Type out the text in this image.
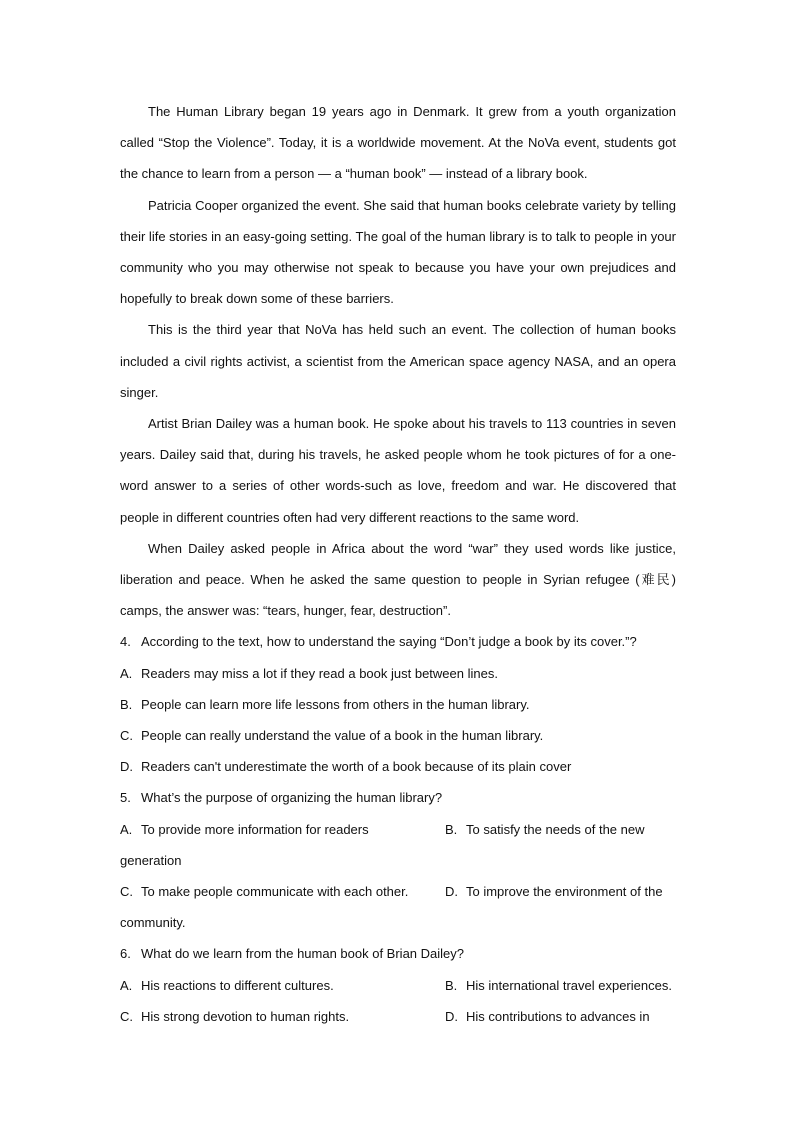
The Human Library began 19 years ago in Denmark. It grew from a youth organization called “Stop the Violence”. Today, it is a worldwide movement. At the NoVa event, students got the chance to learn from a person — a “human book” — instead of a library book.

Patricia Cooper organized the event. She said that human books celebrate variety by telling their life stories in an easy-going setting. The goal of the human library is to talk to people in your community who you may otherwise not speak to because you have your own prejudices and hopefully to break down some of these barriers.

This is the third year that NoVa has held such an event. The collection of human books included a civil rights activist, a scientist from the American space agency NASA, and an opera singer.

Artist Brian Dailey was a human book. He spoke about his travels to 113 countries in seven years. Dailey said that, during his travels, he asked people whom he took pictures of for a one-word answer to a series of other words-such as love, freedom and war. He discovered that people in different countries often had very different reactions to the same word.

When Dailey asked people in Africa about the word “war” they used words like justice, liberation and peace. When he asked the same question to people in Syrian refugee (难民) camps, the answer was: “tears, hunger, fear, destruction”.

4. According to the text, how to understand the saying “Don’t judge a book by its cover.”?

A. Readers may miss a lot if they read a book just between lines.

B. People can learn more life lessons from others in the human library.

C. People can really understand the value of a book in the human library.

D. Readers can't underestimate the worth of a book because of its plain cover

5. What’s the purpose of organizing the human library?

A. To provide more information for readers	B. To satisfy the needs of the new

generation

C. To make people communicate with each other.	D. To improve the environment of the

community.

6. What do we learn from the human book of Brian Dailey?

A. His reactions to different cultures.	B. His international travel experiences.
C. His strong devotion to human rights.	D. His contributions to advances in
